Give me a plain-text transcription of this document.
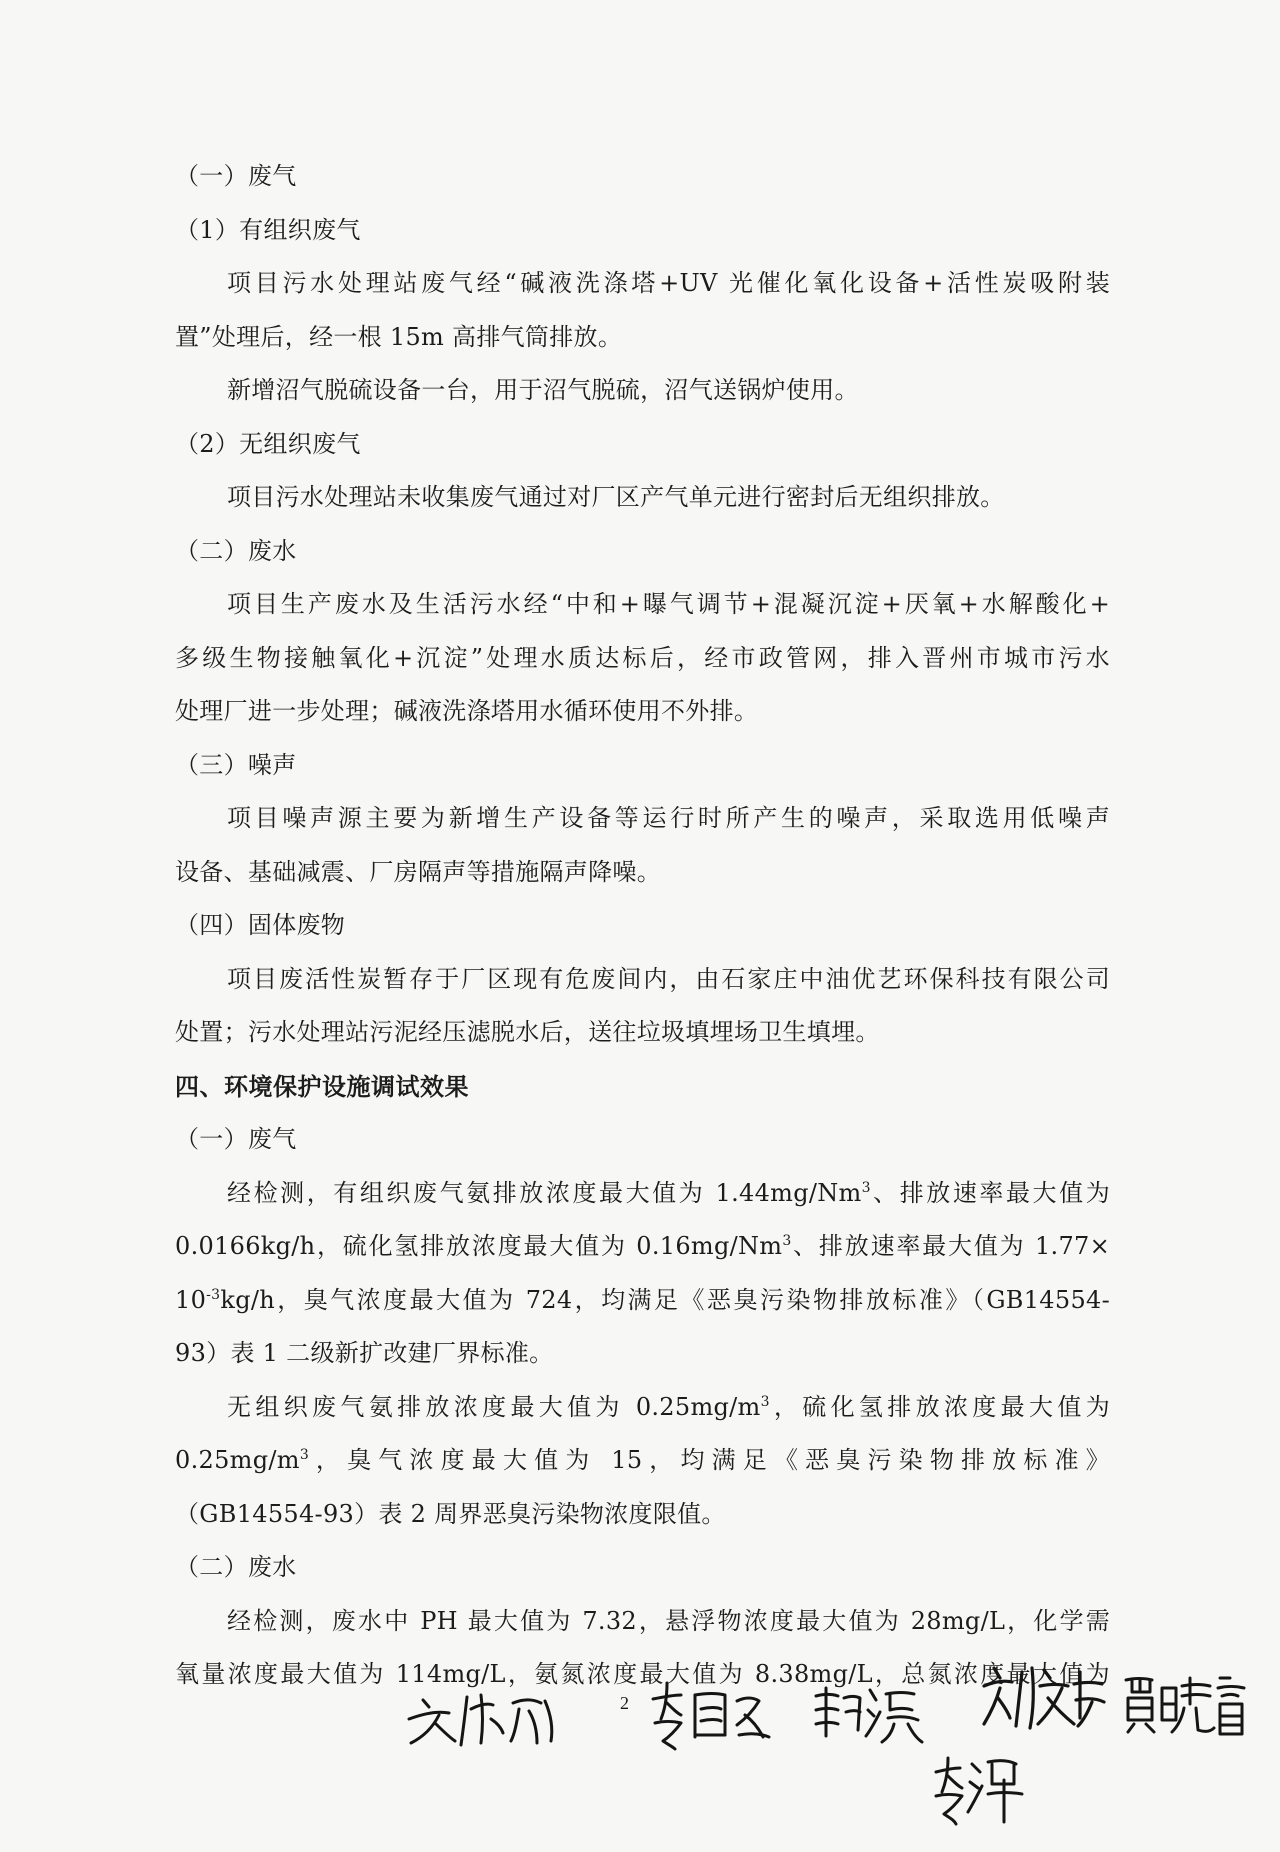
（一）废气
（1）有组织废气
项目污水处理站废气经“碱液洗涤塔+UV 光催化氧化设备+活性炭吸附装
置”处理后，经一根 15m 高排气筒排放。
新增沼气脱硫设备一台，用于沼气脱硫，沼气送锅炉使用。
（2）无组织废气
项目污水处理站未收集废气通过对厂区产气单元进行密封后无组织排放。
（二）废水
项目生产废水及生活污水经“中和+曝气调节+混凝沉淀+厌氧+水解酸化+
多级生物接触氧化+沉淀”处理水质达标后，经市政管网，排入晋州市城市污水
处理厂进一步处理；碱液洗涤塔用水循环使用不外排。
（三）噪声
项目噪声源主要为新增生产设备等运行时所产生的噪声，采取选用低噪声
设备、基础减震、厂房隔声等措施隔声降噪。
（四）固体废物
项目废活性炭暂存于厂区现有危废间内，由石家庄中油优艺环保科技有限公司
处置；污水处理站污泥经压滤脱水后，送往垃圾填埋场卫生填埋。
四、环境保护设施调试效果
（一）废气
经检测，有组织废气氨排放浓度最大值为 1.44mg/Nm$^3$、排放速率最大值为
0.0166kg/h，硫化氢排放浓度最大值为 0.16mg/Nm$^3$、排放速率最大值为 1.77×
$10^{-3}kg/h$，臭气浓度最大值为 724，均满足《恶臭污染物排放标准》（GB14554-
93）表 1 二级新扩改建厂界标准。
无组织废气氨排放浓度最大值为 $0.25mg/m^3$，硫化氢排放浓度最大值为
$0.25mg/m^3$，臭气浓度最大值为 15，均满足《恶臭污染物排放标准》
（GB14554-93）表 2 周界恶臭污染物浓度限值。
（二）废水
经检测，废水中 PH 最大值为 7.32，悬浮物浓度最大值为 28mg/L，化学需
氧量浓度最大值为 114mg/L，氨氮浓度最大值为 8.38mg/L，总氮浓度最大值为
2
